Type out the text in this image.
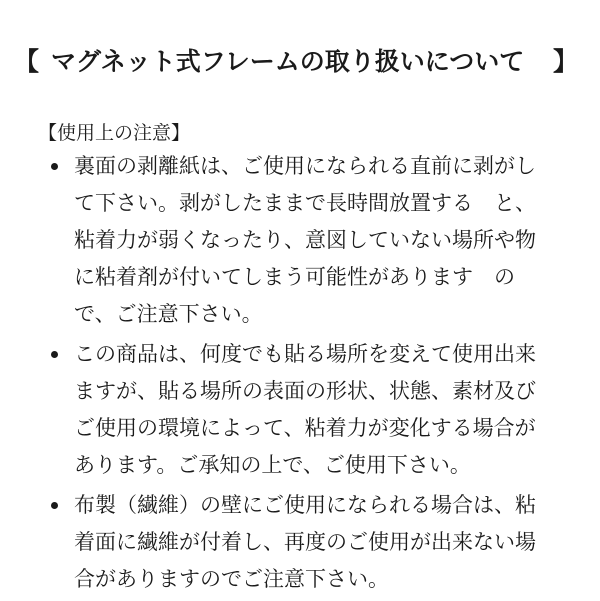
【 マグネット式フレームの取り扱いについて	】
【使用上の注意】
裏面の剥離紙は、ご使用になられる直前に剥がし
て下さい。剥がしたままで長時間放置する　と、
粘着力が弱くなったり、意図していない場所や物
に粘着剤が付いてしまう可能性があります　の
で、ご注意下さい。
この商品は、何度でも貼る場所を変えて使用出来
ますが、貼る場所の表面の形状、状態、素材及び
ご使用の環境によって、粘着力が変化する場合が
あります。ご承知の上で、ご使用下さい。
布製（繊維）の壁にご使用になられる場合は、粘
着面に繊維が付着し、再度のご使用が出来ない場
合がありますのでご注意下さい。
